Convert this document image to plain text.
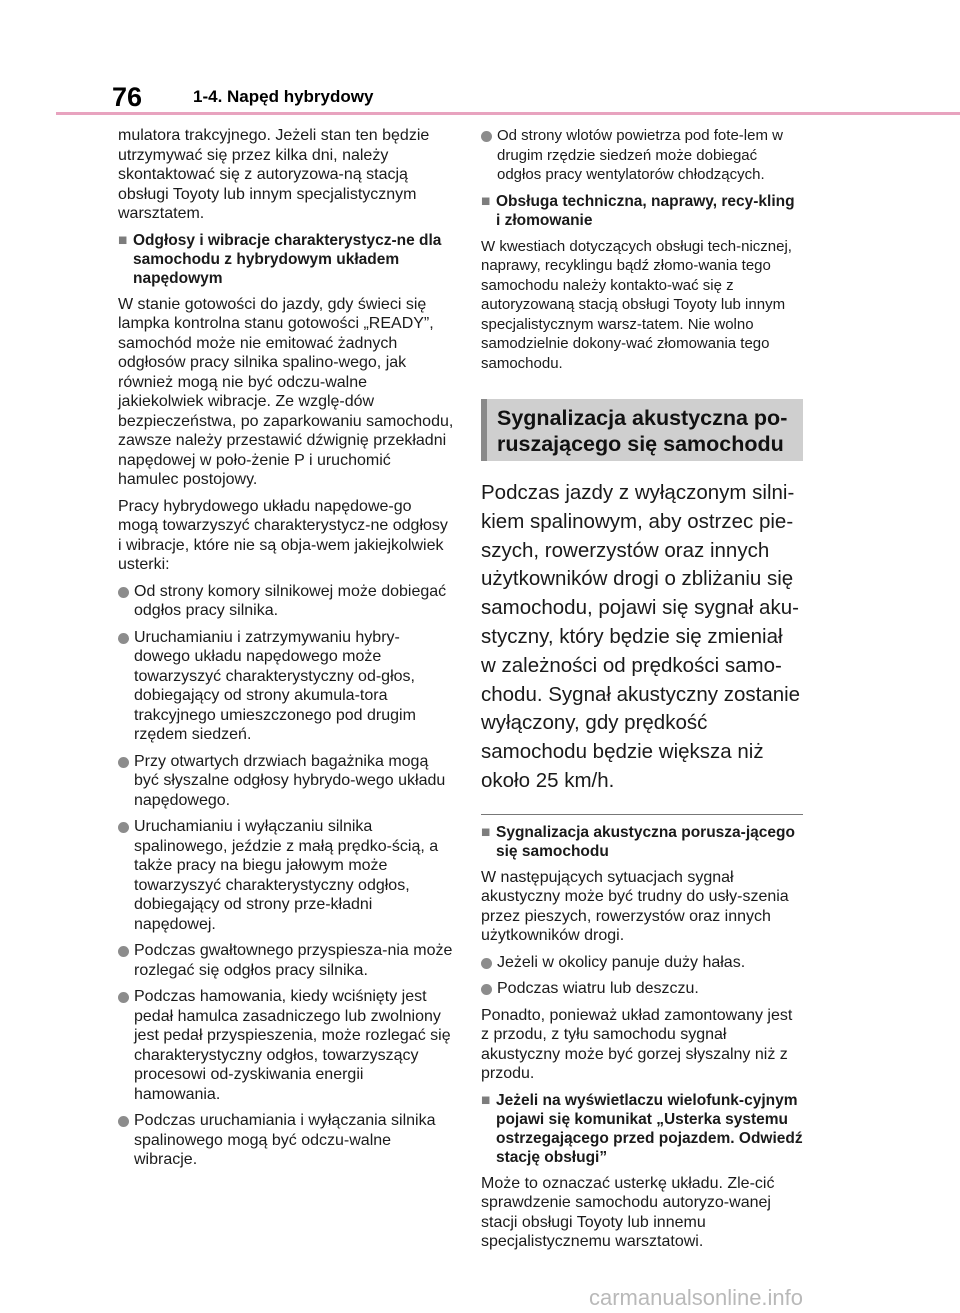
76	1-4. Napęd hybrydowy

mulatora trakcyjnego. Jeżeli stan ten będzie utrzymywać się przez kilka dni, należy skontaktować się z autoryzowa-ną stacją obsługi Toyoty lub innym specjalistycznym warsztatem.

■ Odgłosy i wibracje charakterystycz-ne dla samochodu z hybrydowym układem napędowym

W stanie gotowości do jazdy, gdy świeci się lampka kontrolna stanu gotowości „READY”, samochód może nie emitować żadnych odgłosów pracy silnika spalino-wego, jak również mogą nie być odczu-walne jakiekolwiek wibracje. Ze wzglę-dów bezpieczeństwa, po zaparkowaniu samochodu, zawsze należy przestawić dźwignię przekładni napędowej w poło-żenie P i uruchomić hamulec postojowy.

Pracy hybrydowego układu napędowe-go mogą towarzyszyć charakterystycz-ne odgłosy i wibracje, które nie są obja-wem jakiejkolwiek usterki:

Od strony komory silnikowej może dobiegać odgłos pracy silnika.
Uruchamianiu i zatrzymywaniu hybry-dowego układu napędowego może towarzyszyć charakterystyczny od-głos, dobiegający od strony akumula-tora trakcyjnego umieszczonego pod drugim rzędem siedzeń.
Przy otwartych drzwiach bagażnika mogą być słyszalne odgłosy hybrydo-wego układu napędowego.
Uruchamianiu i wyłączaniu silnika spalinowego, jeździe z małą prędko-ścią, a także pracy na biegu jałowym może towarzyszyć charakterystyczny odgłos, dobiegający od strony prze-kładni napędowej.
Podczas gwałtownego przyspiesza-nia może rozlegać się odgłos pracy silnika.
Podczas hamowania, kiedy wciśnięty jest pedał hamulca zasadniczego lub zwolniony jest pedał przyspieszenia, może rozlegać się charakterystyczny odgłos, towarzyszący procesowi od-zyskiwania energii hamowania.
Podczas uruchamiania i wyłączania silnika spalinowego mogą być odczu-walne wibracje.
Od strony wlotów powietrza pod fote-lem w drugim rzędzie siedzeń może dobiegać odgłos pracy wentylatorów chłodzących.
■ Obsługa techniczna, naprawy, recy-kling i złomowanie

W kwestiach dotyczących obsługi tech-nicznej, naprawy, recyklingu bądź złomo-wania tego samochodu należy kontakto-wać się z autoryzowaną stacją obsługi Toyoty lub innym specjalistycznym warsz-tatem. Nie wolno samodzielnie dokony-wać złomowania tego samochodu.

Sygnalizacja akustyczna po-ruszającego się samochodu

Podczas jazdy z wyłączonym silni-kiem spalinowym, aby ostrzec pie-szych, rowerzystów oraz innych użytkowników drogi o zbliżaniu się samochodu, pojawi się sygnał aku-styczny, który będzie się zmieniał w zależności od prędkości samo-chodu. Sygnał akustyczny zostanie wyłączony, gdy prędkość samochodu będzie większa niż około 25 km/h.

■ Sygnalizacja akustyczna porusza-jącego się samochodu

W następujących sytuacjach sygnał akustyczny może być trudny do usły-szenia przez pieszych, rowerzystów oraz innych użytkowników drogi.

Jeżeli w okolicy panuje duży hałas.
Podczas wiatru lub deszczu.

Ponadto, ponieważ układ zamontowany jest z przodu, z tyłu samochodu sygnał akustyczny może być gorzej słyszalny niż z przodu.

■ Jeżeli na wyświetlaczu wielofunk-cyjnym pojawi się komunikat „Usterka systemu ostrzegającego przed pojazdem. Odwiedź stację obsługi”

Może to oznaczać usterkę układu. Zle-cić sprawdzenie samochodu autoryzo-wanej stacji obsługi Toyoty lub innemu specjalistycznemu warsztatowi.

carmanualsonline.info
